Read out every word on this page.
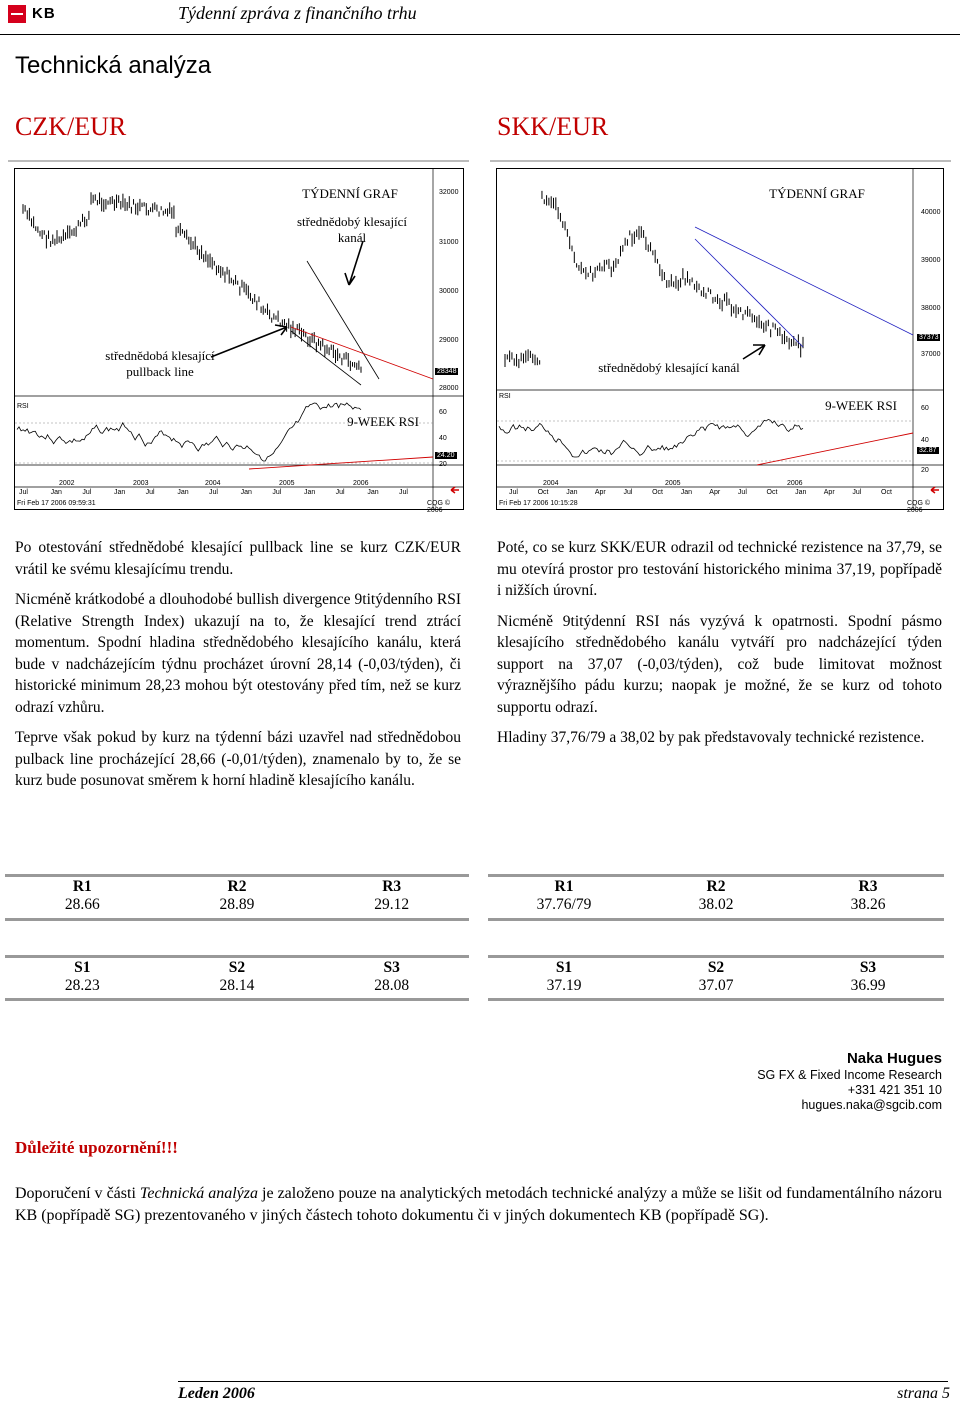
KB	Týdenní zpráva z finančního trhu
Technická analýza
CZK/EUR	SKK/EUR
TÝDENNÍ GRAF
střednědobý klesající
kanál
střednědobá klesající
pullback line
9-WEEK RSI
RSI
32000
31000
30000
29000
28000
28348
60
40
20
24.20
2002	2003	2004	2005	2006
Jul	Jan	Jul	Jan	Jul	Jan	Jul	Jan	Jul	Jan	Jul	Jan	Jul
Fri Feb 17 2006 09:59:31	CQG © 2006
TÝDENNÍ GRAF
střednědobý klesající kanál
9-WEEK RSI
RSI
40000
39000
38000
37000
37373
60
40
20
32.87
2004	2005	2006
Jul	Oct	Jan Apr	Jul	Oct	Jan Apr	Jul	Oct	Jan Apr	Jul	Oct
Fri Feb 17 2006 10:15:28	CQG © 2006

Po otestování střednědobé klesající pullback line se kurz CZK/EUR vrátil ke svému klesajícímu trendu.

Nicméně krátkodobé a dlouhodobé bullish divergence 9titýdenního RSI (Relative Strength Index) ukazují na to, že klesající trend ztrácí momentum. Spodní hladina střednědobého klesajícího kanálu, která bude v nadcházejícím týdnu procházet úrovní 28,14 (-0,03/týden), či historické minimum 28,23 mohou být otestovány před tím, než se kurz odrazí vzhůru.

Teprve však pokud by kurz na týdenní bázi uzavřel nad střednědobou pulback line procházející 28,66 (-0,01/týden), znamenalo by to, že se kurz bude posunovat směrem k horní hladině klesajícího kanálu.

Poté, co se kurz SKK/EUR odrazil od technické rezistence na 37,79, se mu otevírá prostor pro testování historického minima 37,19, popřípadě i nižších úrovní.

Nicméně 9titýdenní RSI nás vyzývá k opatrnosti. Spodní pásmo klesajícího střednědobého kanálu vytváří pro nadcházející týden support na 37,07 (-0,03/týden), což bude limitovat možnost výraznějšího pádu kurzu; naopak je možné, že se kurz od tohoto supportu odrazí.

Hladiny 37,76/79 a 38,02 by pak představovaly technické rezistence.

R1	R2	R3
28.66	28.89	29.12
S1	S2	S3
28.23	28.14	28.08
R1	R2	R3
37.76/79	38.02	38.26
S1	S2	S3
37.19	37.07	36.99
Naka Hugues
SG FX & Fixed Income Research
+331 421 351 10
hugues.naka@sgcib.com
Důležité upozornění!!!
Doporučení v části Technická analýza je založeno pouze na analytických metodách technické analýzy a může se lišit od fundamentálního názoru KB (popřípadě SG) prezentovaného v jiných částech tohoto dokumentu či v jiných dokumentech KB (popřípadě SG).
Leden 2006	strana 5
